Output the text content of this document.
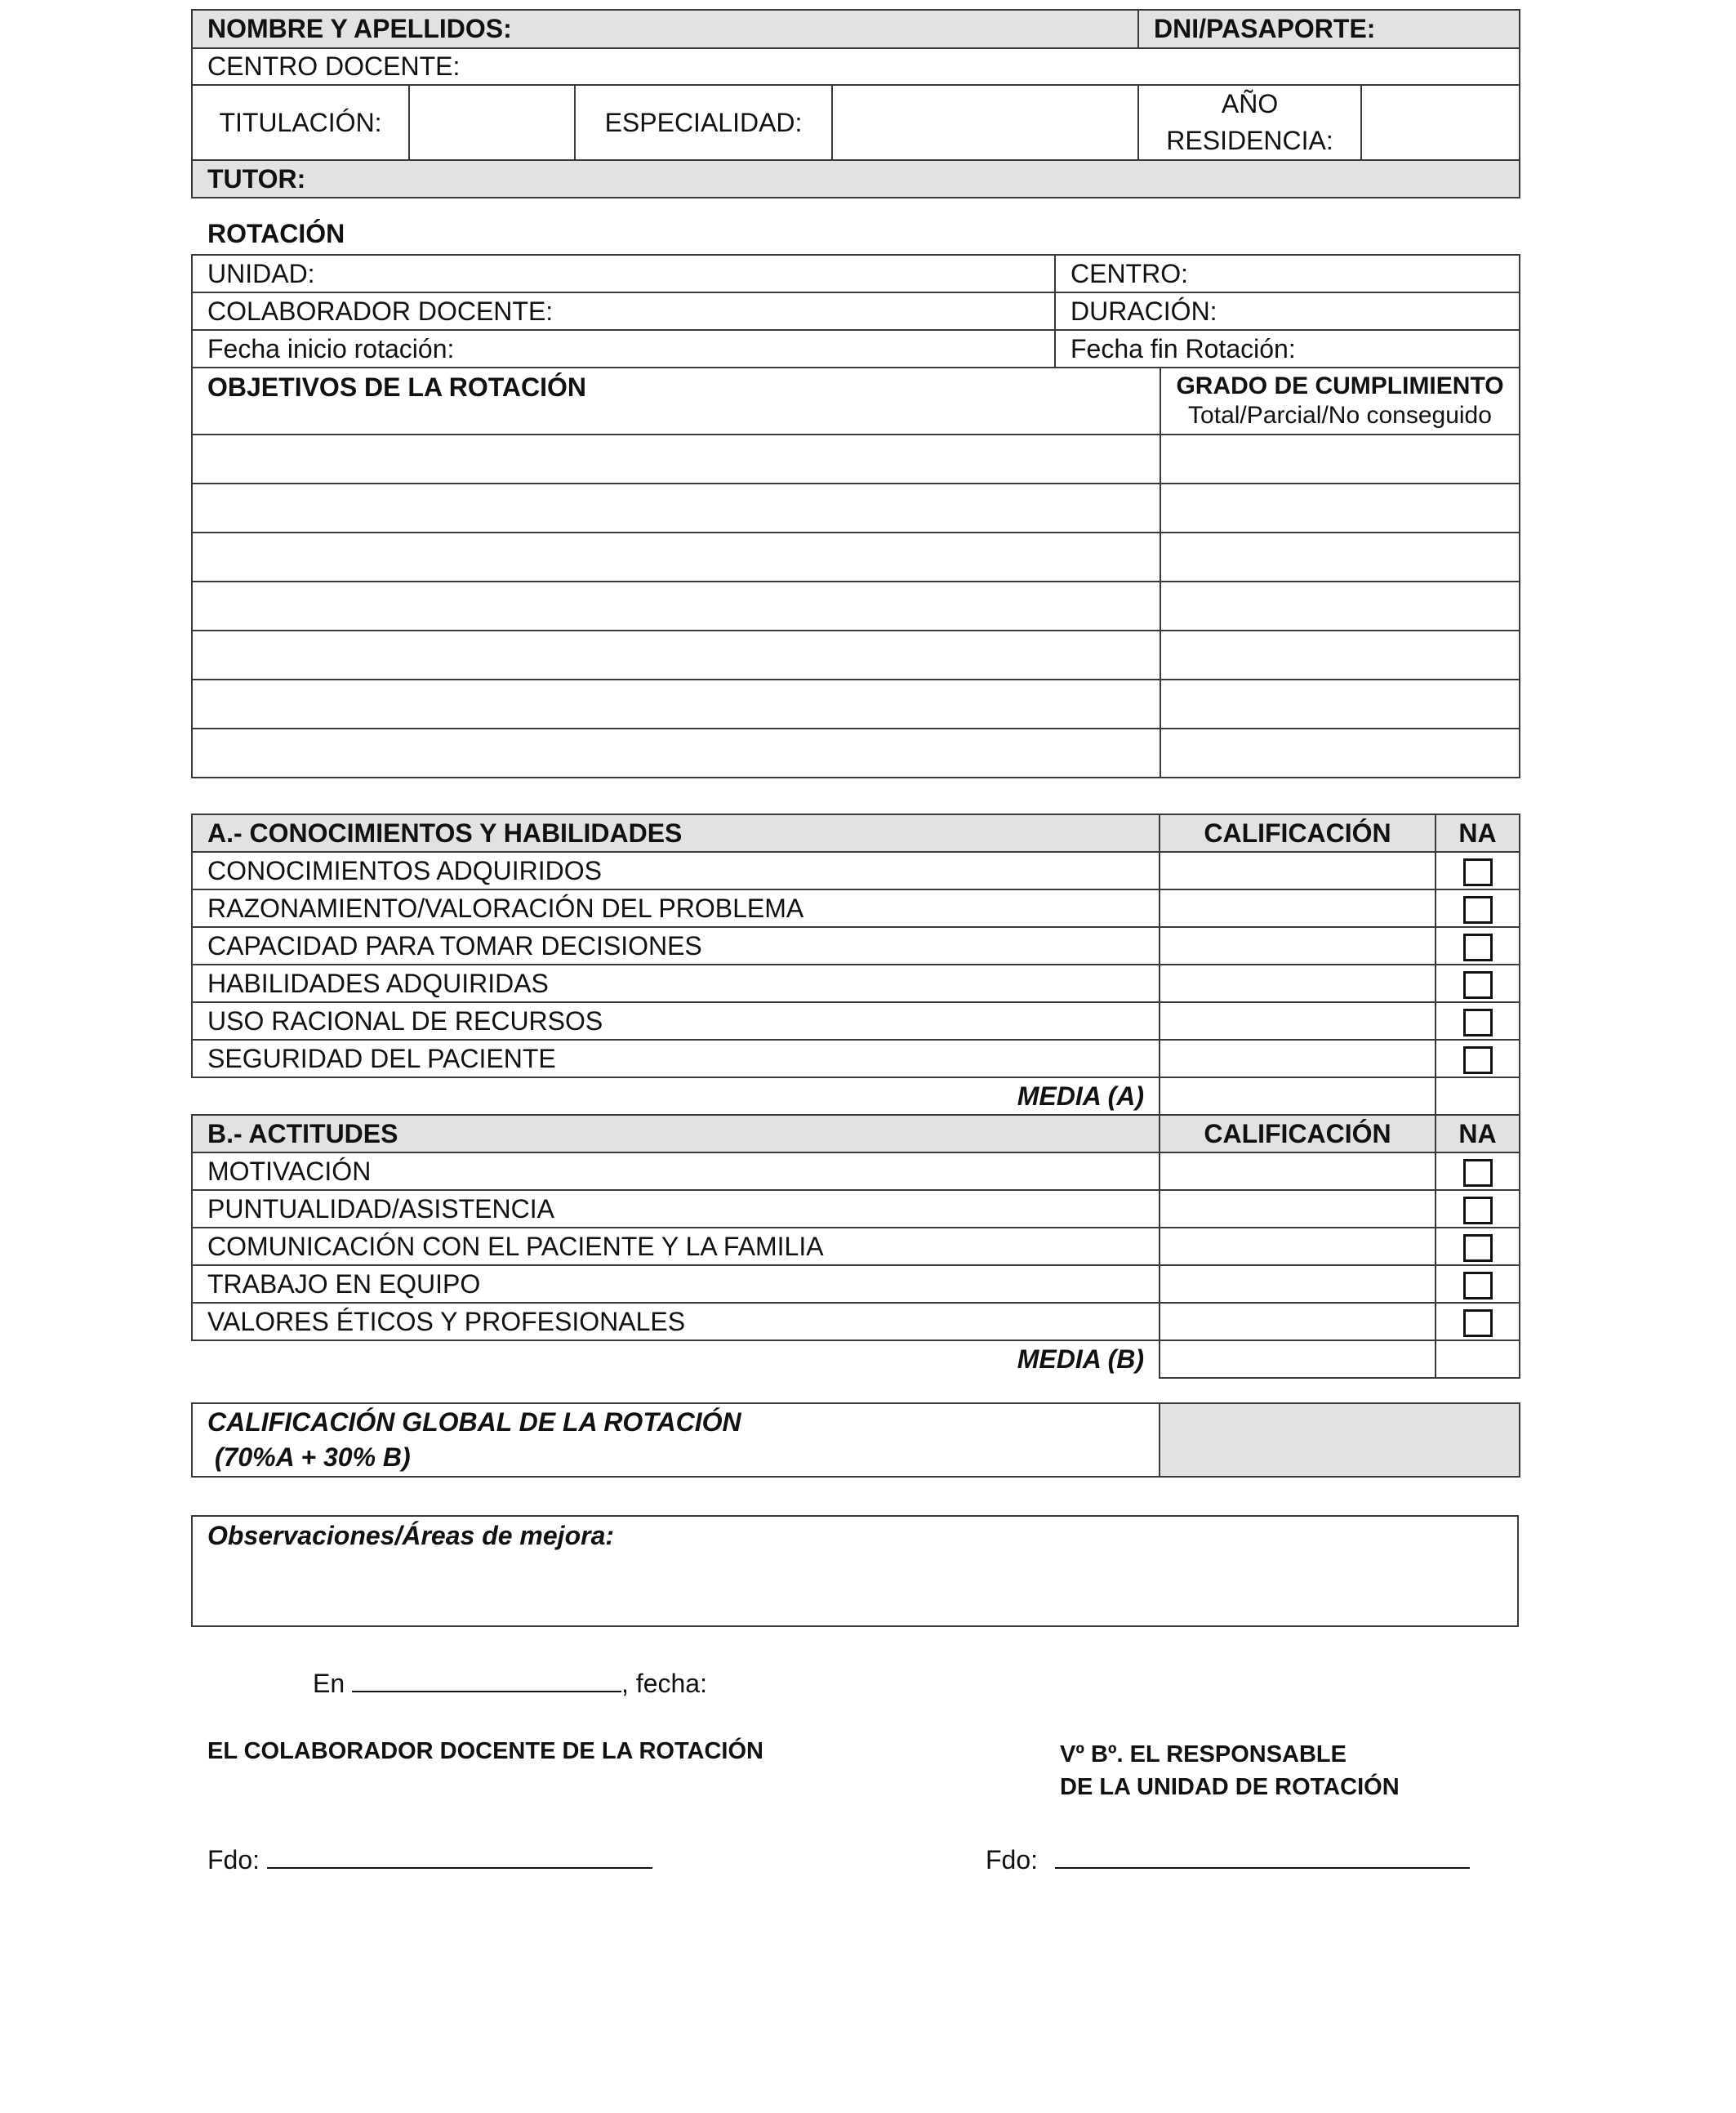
NOMBRE Y APELLIDOS:				DNI/PASAPORTE:	
CENTRO DOCENTE:					
TITULACIÓN:		ESPECIALIDAD:		AÑO
RESIDENCIA:	
TUTOR:					
ROTACIÓN
UNIDAD:	CENTRO:	
COLABORADOR DOCENTE:	DURACIÓN:	
Fecha inicio rotación:	Fecha fin Rotación:	
OBJETIVOS DE LA ROTACIÓN		GRADO DE CUMPLIMIENTO
Total/Parcial/No conseguido

A.- CONOCIMIENTOS Y HABILIDADES	CALIFICACIÓN	NA
CONOCIMIENTOS ADQUIRIDOS		
RAZONAMIENTO/VALORACIÓN DEL PROBLEMA		
CAPACIDAD PARA TOMAR DECISIONES		
HABILIDADES ADQUIRIDAS		
USO RACIONAL DE RECURSOS		
SEGURIDAD DEL PACIENTE		
MEDIA (A)		
B.- ACTITUDES	CALIFICACIÓN	NA
MOTIVACIÓN		
PUNTUALIDAD/ASISTENCIA		
COMUNICACIÓN CON EL PACIENTE Y LA FAMILIA		
TRABAJO EN EQUIPO		
VALORES ÉTICOS Y PROFESIONALES		
MEDIA (B)		
CALIFICACIÓN GLOBAL DE LA ROTACIÓN
(70%A + 30% B)

Observaciones/Áreas de mejora:
En	, fecha:
EL COLABORADOR DOCENTE DE LA ROTACIÓN	Vº Bº. EL RESPONSABLE
DE LA UNIDAD DE ROTACIÓN
Fdo:	Fdo:
